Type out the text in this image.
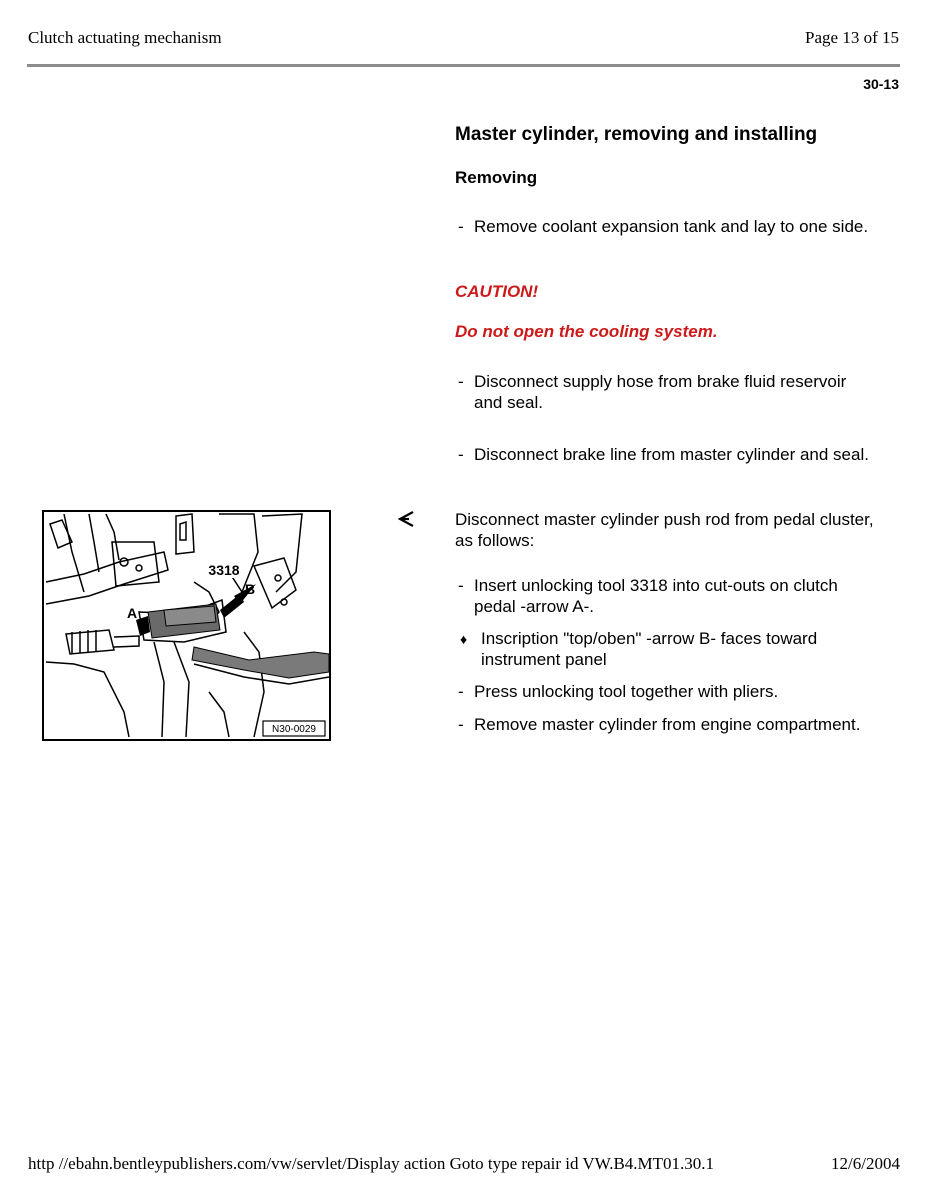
Clutch actuating mechanism	Page 13 of 15
30-13
Master cylinder, removing and installing
Removing
- Remove coolant expansion tank and lay to one side.
CAUTION!
Do not open the cooling system.
- Disconnect supply hose from brake fluid reservoir and seal.
- Disconnect brake line from master cylinder and seal.
Disconnect master cylinder push rod from pedal cluster, as follows:
- Insert unlocking tool 3318 into cut-outs on clutch pedal -arrow A-.
♦ Inscription "top/oben" -arrow B- faces toward instrument panel
- Press unlocking tool together with pliers.
- Remove master cylinder from engine compartment.
3318
B
A
N30-0029
http //ebahn.bentleypublishers.com/vw/servlet/Display action Goto type repair id VW.B4.MT01.30.1	12/6/2004
